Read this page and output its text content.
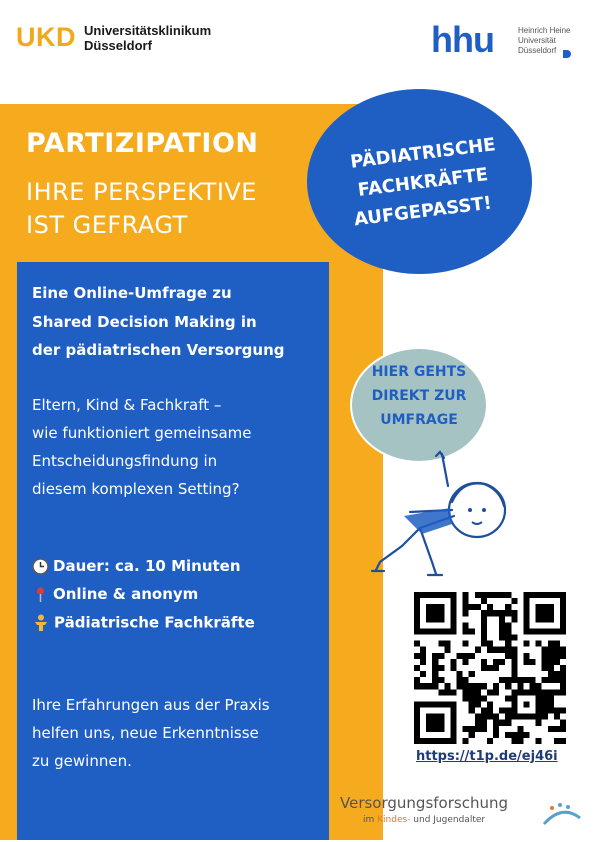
UKD Universitätsklinikum
Düsseldorf	hhu	Heinrich Heine
Universität
Düsseldorf
PARTIZIPATION
IHRE PERSPEKTIVE
IST GEFRAGT
Eine Online-Umfrage zu
Shared Decision Making in
der pädiatrischen Versorgung
Eltern, Kind & Fachkraft –
wie funktioniert gemeinsame
Entscheidungsfindung in
diesem komplexen Setting?
Dauer: ca. 10 Minuten
Online & anonym
Pädiatrische Fachkräfte
Ihre Erfahrungen aus der Praxis
helfen uns, neue Erkenntnisse
zu gewinnen.
PÄDIATRISCHE
FACHKRÄFTE
AUFGEPASST!
HIER GEHTS
DIREKT ZUR
UMFRAGE
https://t1p.de/ej46i
Versorgungsforschung
im Kindes- und Jugendalter
